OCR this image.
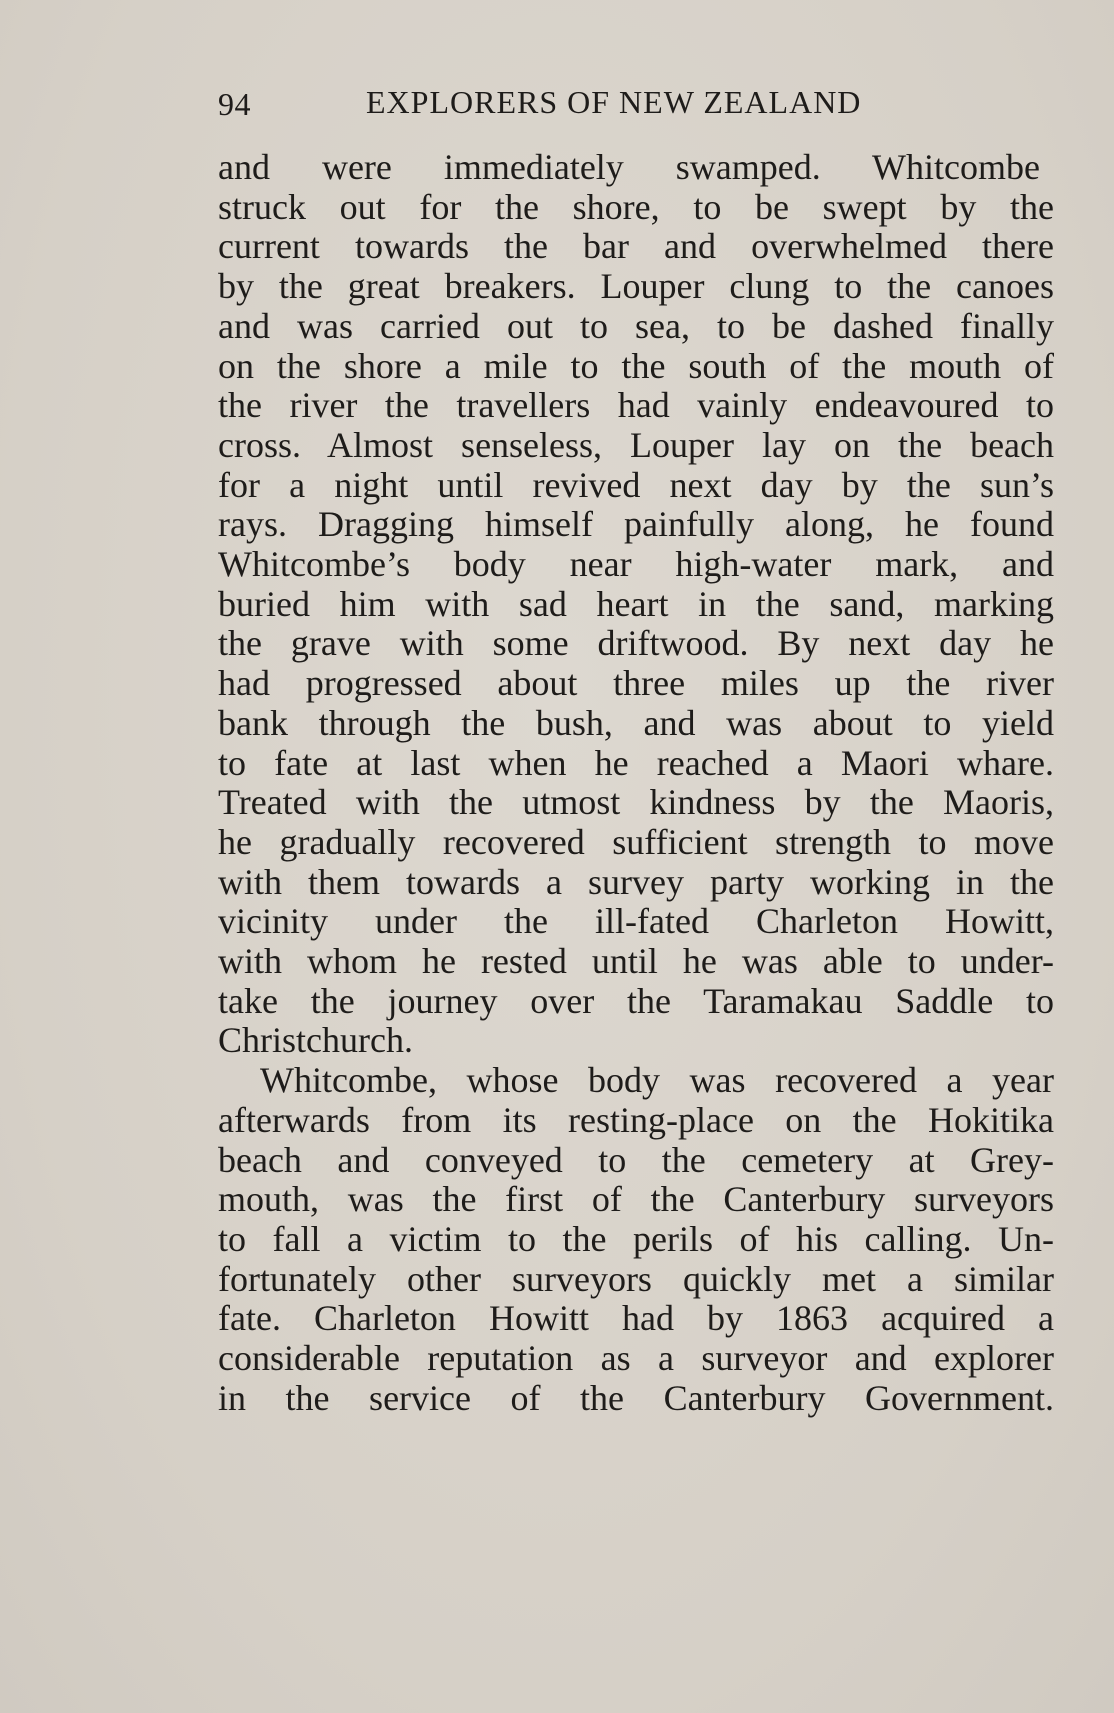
94	EXPLORERS OF NEW ZEALAND
and were immediately swamped. Whitcombe
struck out for the shore, to be swept by the
current towards the bar and overwhelmed there
by the great breakers. Louper clung to the canoes
and was carried out to sea, to be dashed finally
on the shore a mile to the south of the mouth of
the river the travellers had vainly endeavoured to
cross. Almost senseless, Louper lay on the beach
for a night until revived next day by the sun’s
rays. Dragging himself painfully along, he found
Whitcombe’s body near high-water mark, and
buried him with sad heart in the sand, marking
the grave with some driftwood. By next day he
had progressed about three miles up the river
bank through the bush, and was about to yield
to fate at last when he reached a Maori whare.
Treated with the utmost kindness by the Maoris,
he gradually recovered sufficient strength to move
with them towards a survey party working in the
vicinity under the ill-fated Charleton Howitt,
with whom he rested until he was able to under-
take the journey over the Taramakau Saddle to
Christchurch.
Whitcombe, whose body was recovered a year
afterwards from its resting-place on the Hokitika
beach and conveyed to the cemetery at Grey-
mouth, was the first of the Canterbury surveyors
to fall a victim to the perils of his calling. Un-
fortunately other surveyors quickly met a similar
fate. Charleton Howitt had by 1863 acquired a
considerable reputation as a surveyor and explorer
in the service of the Canterbury Government.
